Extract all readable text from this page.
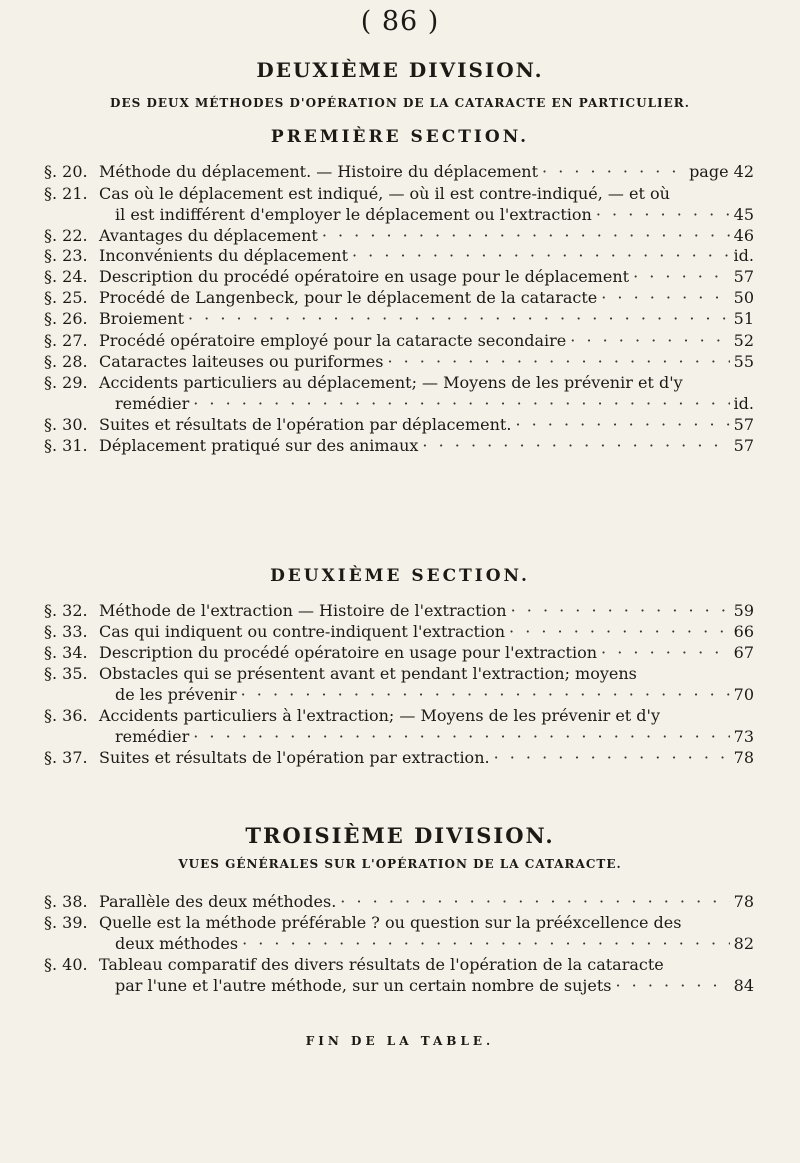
( 86 )
DEUXIÈME DIVISION.
DES DEUX MÉTHODES D'OPÉRATION DE LA CATARACTE EN PARTICULIER.
PREMIÈRE SECTION.
§. 20. Méthode du déplacement. — Histoire du déplacement · · ·	page 42
§. 21. Cas où le déplacement est indiqué, — où il est contre-indiqué, — et où
il est indifférent d'employer le déplacement ou l'extraction · · ·	45
§. 22. Avantages du déplacement · · ·	46
§. 23. Inconvénients du déplacement · · ·	id.
§. 24. Description du procédé opératoire en usage pour le déplacement · · ·	57
§. 25. Procédé de Langenbeck, pour le déplacement de la cataracte · · ·	50
§. 26. Broiement · · ·	51
§. 27. Procédé opératoire employé pour la cataracte secondaire · · ·	52
§. 28. Cataractes laiteuses ou puriformes · · ·	55
§. 29. Accidents particuliers au déplacement; — Moyens de les prévenir et d'y
remédier · · ·	id.
§. 30. Suites et résultats de l'opération par déplacement. · · ·	57
§. 31. Déplacement pratiqué sur des animaux · · ·	57
DEUXIÈME SECTION.
§. 32. Méthode de l'extraction — Histoire de l'extraction · · ·	59
§. 33. Cas qui indiquent ou contre-indiquent l'extraction · · ·	66
§. 34. Description du procédé opératoire en usage pour l'extraction · · ·	67
§. 35. Obstacles qui se présentent avant et pendant l'extraction; moyens
de les prévenir · · ·	70
§. 36. Accidents particuliers à l'extraction; — Moyens de les prévenir et d'y
remédier · · ·	73
§. 37. Suites et résultats de l'opération par extraction. · · ·	78
TROISIÈME DIVISION.
VUES GÉNÉRALES SUR L'OPÉRATION DE LA CATARACTE.
§. 38. Parallèle des deux méthodes. · · ·	78
§. 39. Quelle est la méthode préférable ? ou question sur la prééxcellence des
deux méthodes · · ·	82
§. 40. Tableau comparatif des divers résultats de l'opération de la cataracte
par l'une et l'autre méthode, sur un certain nombre de sujets · · ·	84
FIN DE LA TABLE.
